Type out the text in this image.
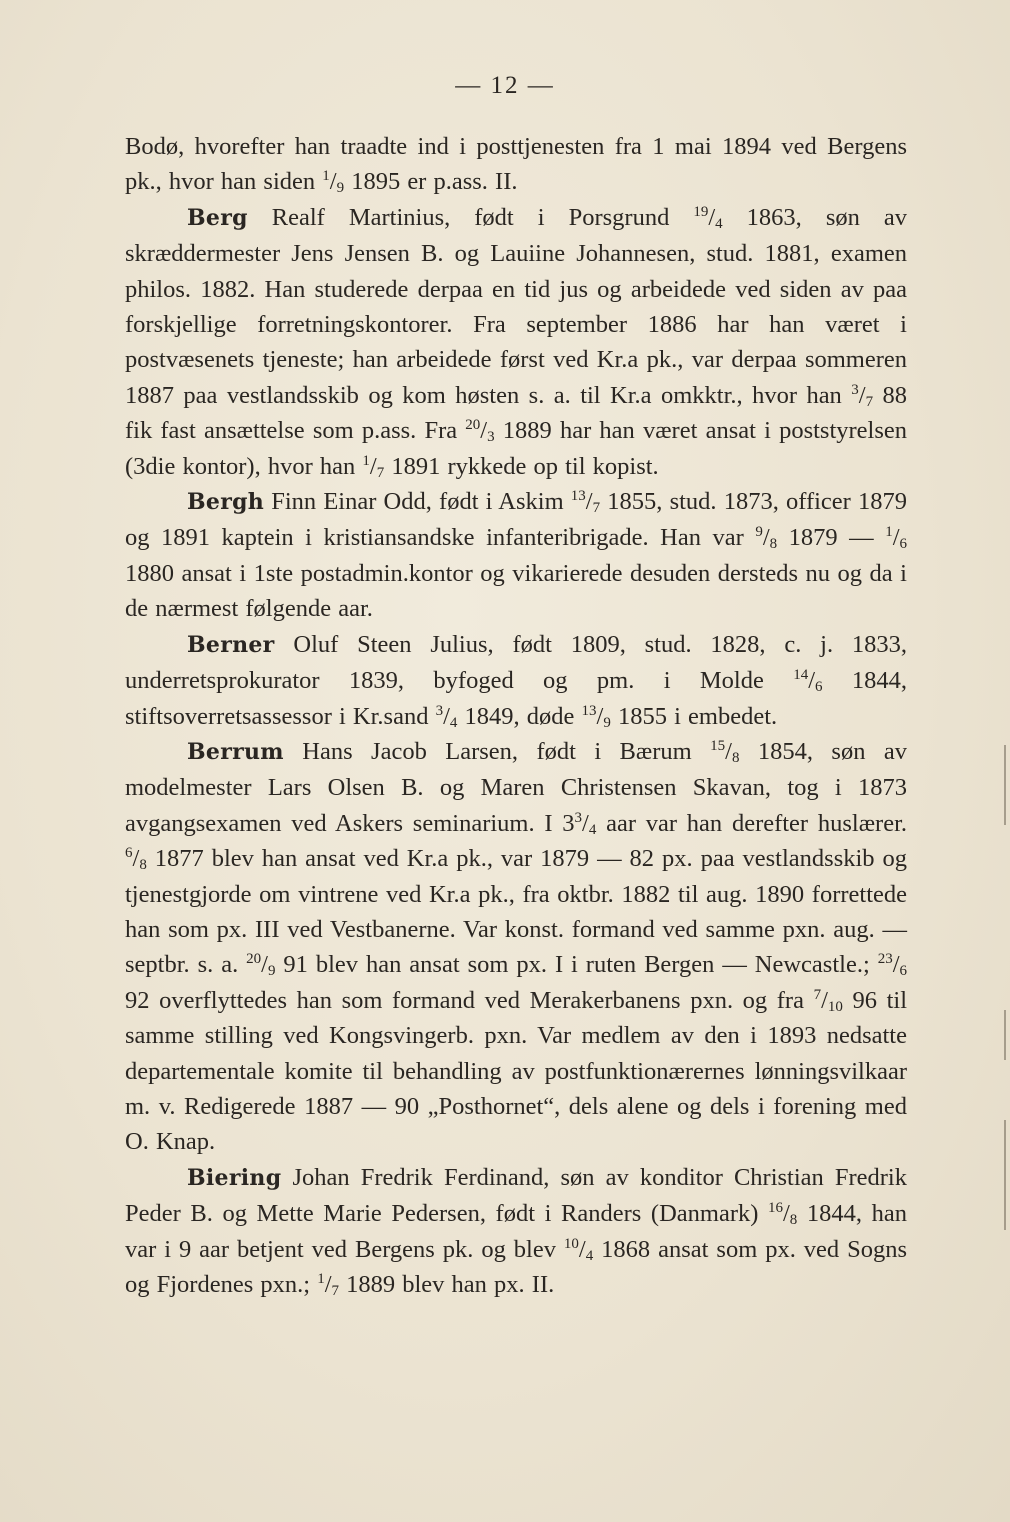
— 12 —

Bodø, hvorefter han traadte ind i posttjenesten fra 1 mai 1894 ved Bergens pk., hvor han siden $^1/_9$ 1895 er p.ass. II.

Berg Realf Martinius, født i Porsgrund $^{19}/_4$ 1863, søn av skræddermester Jens Jensen B. og Lauiine Johannesen, stud. 1881, examen philos. 1882. Han studerede derpaa en tid jus og arbeidede ved siden av paa forskjellige forretningskontorer. Fra september 1886 har han været i postvæsenets tjeneste; han arbeidede først ved Kr.a pk., var derpaa sommeren 1887 paa vestlandsskib og kom høsten s. a. til Kr.a omkktr., hvor han $^3/_7$ 88 fik fast ansættelse som p.ass. Fra $^{20}/_3$ 1889 har han været ansat i poststyrelsen (3die kontor), hvor han $^1/_7$ 1891 rykkede op til kopist.

Bergh Finn Einar Odd, født i Askim $^{13}/_7$ 1855, stud. 1873, officer 1879 og 1891 kaptein i kristiansandske infanteribrigade. Han var $^9/_8$ 1879 — $^1/_6$ 1880 ansat i 1ste postadmin.kontor og vikarierede desuden dersteds nu og da i de nærmest følgende aar.

Berner Oluf Steen Julius, født 1809, stud. 1828, c. j. 1833, underretsprokurator 1839, byfoged og pm. i Molde $^{14}/_6$ 1844, stiftsoverretsassessor i Kr.sand $^3/_4$ 1849, døde $^{13}/_9$ 1855 i embedet.

Berrum Hans Jacob Larsen, født i Bærum $^{15}/_8$ 1854, søn av modelmester Lars Olsen B. og Maren Christensen Skavan, tog i 1873 avgangsexamen ved Askers seminarium. I $3^3/_4$ aar var han derefter huslærer. $^6/_8$ 1877 blev han ansat ved Kr.a pk., var 1879 — 82 px. paa vestlandsskib og tjenestgjorde om vintrene ved Kr.a pk., fra oktbr. 1882 til aug. 1890 forrettede han som px. III ved Vestbanerne. Var konst. formand ved samme pxn. aug. — septbr. s. a. $^{20}/_9$ 91 blev han ansat som px. I i ruten Bergen — Newcastle.; $^{23}/_6$ 92 overflyttedes han som formand ved Merakerbanens pxn. og fra $^7/_{10}$ 96 til samme stilling ved Kongsvingerb. pxn. Var medlem av den i 1893 nedsatte departementale komite til behandling av postfunktionærernes lønningsvilkaar m. v. Redigerede 1887 — 90 „Posthornet“, dels alene og dels i forening med O. Knap.

Biering Johan Fredrik Ferdinand, søn av konditor Christian Fredrik Peder B. og Mette Marie Pedersen, født i Randers (Danmark) $^{16}/_8$ 1844, han var i 9 aar betjent ved Bergens pk. og blev $^{10}/_4$ 1868 ansat som px. ved Sogns og Fjordenes pxn.; $^1/_7$ 1889 blev han px. II.
